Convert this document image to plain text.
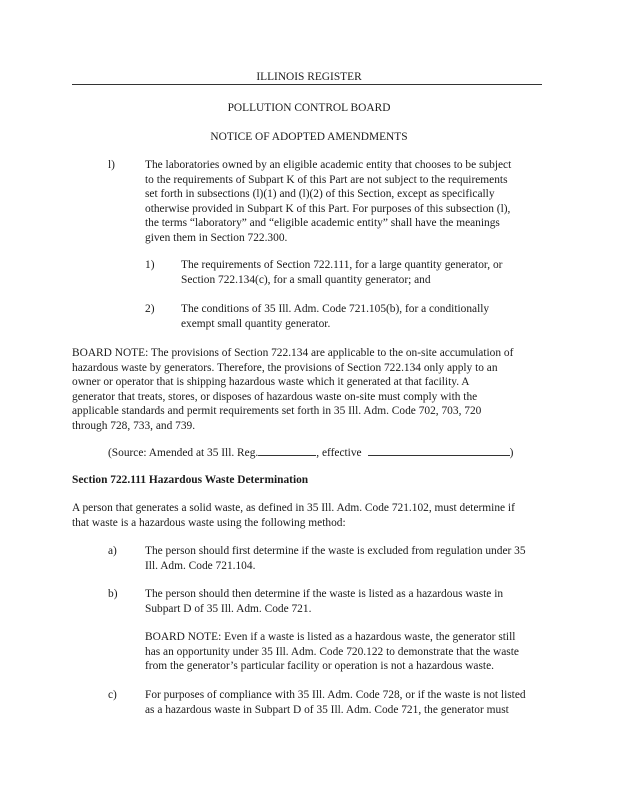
ILLINOIS REGISTER
POLLUTION CONTROL BOARD
NOTICE OF ADOPTED AMENDMENTS
l)	The laboratories owned by an eligible academic entity that chooses to be subject
to the requirements of Subpart K of this Part are not subject to the requirements
set forth in subsections (l)(1) and (l)(2) of this Section, except as specifically
otherwise provided in Subpart K of this Part. For purposes of this subsection (l),
the terms “laboratory” and “eligible academic entity” shall have the meanings
given them in Section 722.300.
1) The requirements of Section 722.111, for a large quantity generator, or
Section 722.134(c), for a small quantity generator; and
2) The conditions of 35 Ill. Adm. Code 721.105(b), for a conditionally
exempt small quantity generator.
BOARD NOTE: The provisions of Section 722.134 are applicable to the on-site accumulation of
hazardous waste by generators. Therefore, the provisions of Section 722.134 only apply to an
owner or operator that is shipping hazardous waste which it generated at that facility. A
generator that treats, stores, or disposes of hazardous waste on-site must comply with the
applicable standards and permit requirements set forth in 35 Ill. Adm. Code 702, 703, 720
through 728, 733, and 739.
(Source: Amended at 35 Ill. Reg.	, effective	)
Section 722.111 Hazardous Waste Determination
A person that generates a solid waste, as defined in 35 Ill. Adm. Code 721.102, must determine if
that waste is a hazardous waste using the following method:
a) The person should first determine if the waste is excluded from regulation under 35
Ill. Adm. Code 721.104.
b) The person should then determine if the waste is listed as a hazardous waste in
Subpart D of 35 Ill. Adm. Code 721.
BOARD NOTE: Even if a waste is listed as a hazardous waste, the generator still
has an opportunity under 35 Ill. Adm. Code 720.122 to demonstrate that the waste
from the generator’s particular facility or operation is not a hazardous waste.
c) For purposes of compliance with 35 Ill. Adm. Code 728, or if the waste is not listed
as a hazardous waste in Subpart D of 35 Ill. Adm. Code 721, the generator must
